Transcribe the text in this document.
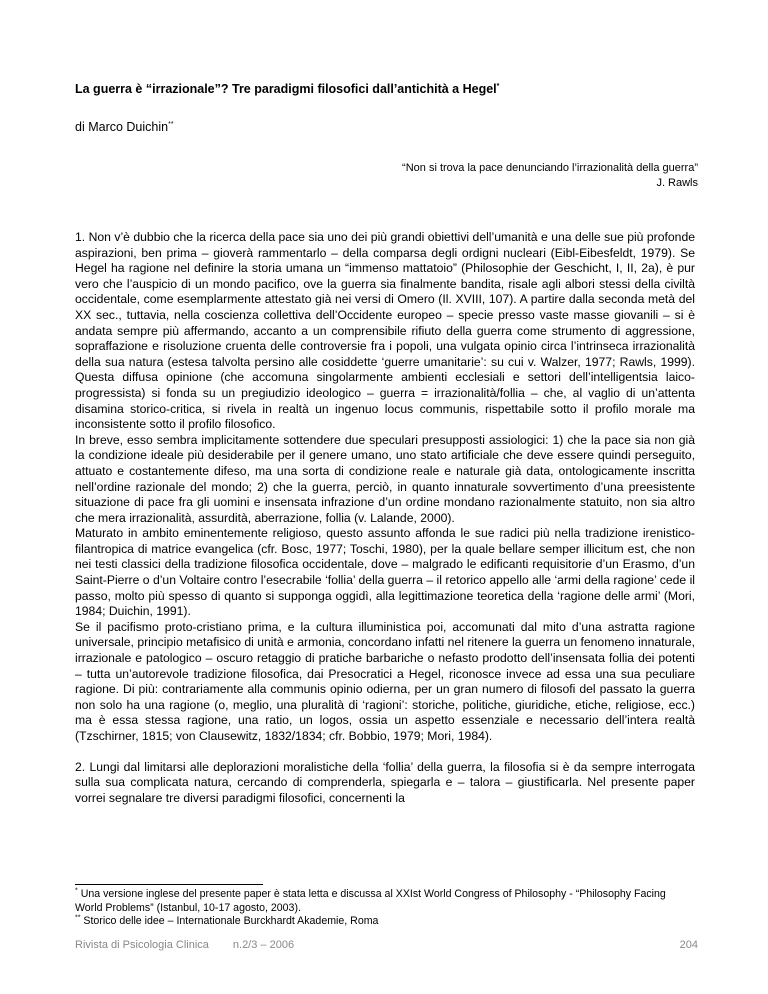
La guerra è “irrazionale”? Tre paradigmi filosofici dall’antichità a Hegel*

di Marco Duichin**

“Non si trova la pace denunciando l’irrazionalità della guerra”
J. Rawls

1. Non v’è dubbio che la ricerca della pace sia uno dei più grandi obiettivi dell’umanità e una delle sue più profonde aspirazioni, ben prima – gioverà rammentarlo – della comparsa degli ordigni nucleari (Eibl-Eibesfeldt, 1979). Se Hegel ha ragione nel definire la storia umana un “immenso mattatoio” (Philosophie der Geschicht, I, II, 2a), è pur vero che l’auspicio di un mondo pacifico, ove la guerra sia finalmente bandita, risale agli albori stessi della civiltà occidentale, come esemplarmente attestato già nei versi di Omero (Il. XVIII, 107). A partire dalla seconda metà del XX sec., tuttavia, nella coscienza collettiva dell’Occidente europeo – specie presso vaste masse giovanili – si è andata sempre più affermando, accanto a un comprensibile rifiuto della guerra come strumento di aggressione, sopraffazione e risoluzione cruenta delle controversie fra i popoli, una vulgata opinio circa l’intrinseca irrazionalità della sua natura (estesa talvolta persino alle cosiddette ‘guerre umanitarie’: su cui v. Walzer, 1977; Rawls, 1999). Questa diffusa opinione (che accomuna singolarmente ambienti ecclesiali e settori dell’intelligentsia laico-progressista) si fonda su un pregiudizio ideologico – guerra = irrazionalità/follia – che, al vaglio di un’attenta disamina storico-critica, si rivela in realtà un ingenuo locus communis, rispettabile sotto il profilo morale ma inconsistente sotto il profilo filosofico.

In breve, esso sembra implicitamente sottendere due speculari presupposti assiologici: 1) che la pace sia non già la condizione ideale più desiderabile per il genere umano, uno stato artificiale che deve essere quindi perseguito, attuato e costantemente difeso, ma una sorta di condizione reale e naturale già data, ontologicamente inscritta nell’ordine razionale del mondo; 2) che la guerra, perciò, in quanto innaturale sovvertimento d’una preesistente situazione di pace fra gli uomini e insensata infrazione d’un ordine mondano razionalmente statuito, non sia altro che mera irrazionalità, assurdità, aberrazione, follia (v. Lalande, 2000).

Maturato in ambito eminentemente religioso, questo assunto affonda le sue radici più nella tradizione irenistico-filantropica di matrice evangelica (cfr. Bosc, 1977; Toschi, 1980), per la quale bellare semper illicitum est, che non nei testi classici della tradizione filosofica occidentale, dove – malgrado le edificanti requisitorie d’un Erasmo, d’un Saint-Pierre o d’un Voltaire contro l’esecrabile ‘follia’ della guerra – il retorico appello alle ‘armi della ragione’ cede il passo, molto più spesso di quanto si supponga oggidì, alla legittimazione teoretica della ‘ragione delle armi’ (Mori, 1984; Duichin, 1991).

Se il pacifismo proto-cristiano prima, e la cultura illuministica poi, accomunati dal mito d’una astratta ragione universale, principio metafisico di unità e armonia, concordano infatti nel ritenere la guerra un fenomeno innaturale, irrazionale e patologico – oscuro retaggio di pratiche barbariche o nefasto prodotto dell’insensata follia dei potenti – tutta un’autorevole tradizione filosofica, dai Presocratici a Hegel, riconosce invece ad essa una sua peculiare ragione. Di più: contrariamente alla communis opinio odierna, per un gran numero di filosofi del passato la guerra non solo ha una ragione (o, meglio, una pluralità di ‘ragioni’: storiche, politiche, giuridiche, etiche, religiose, ecc.) ma è essa stessa ragione, una ratio, un logos, ossia un aspetto essenziale e necessario dell’intera realtà (Tzschirner, 1815; von Clausewitz, 1832/1834; cfr. Bobbio, 1979; Mori, 1984).

2. Lungi dal limitarsi alle deplorazioni moralistiche della ‘follia’ della guerra, la filosofia si è da sempre interrogata sulla sua complicata natura, cercando di comprenderla, spiegarla e – talora – giustificarla. Nel presente paper vorrei segnalare tre diversi paradigmi filosofici, concernenti la

* Una versione inglese del presente paper è stata letta e discussa al XXIst World Congress of Philosophy - “Philosophy Facing World Problems” (Istanbul, 10-17 agosto, 2003).

** Storico delle idee – Internationale Burckhardt Akademie, Roma

Rivista di Psicologia Clinica n.2/3 – 2006	204
